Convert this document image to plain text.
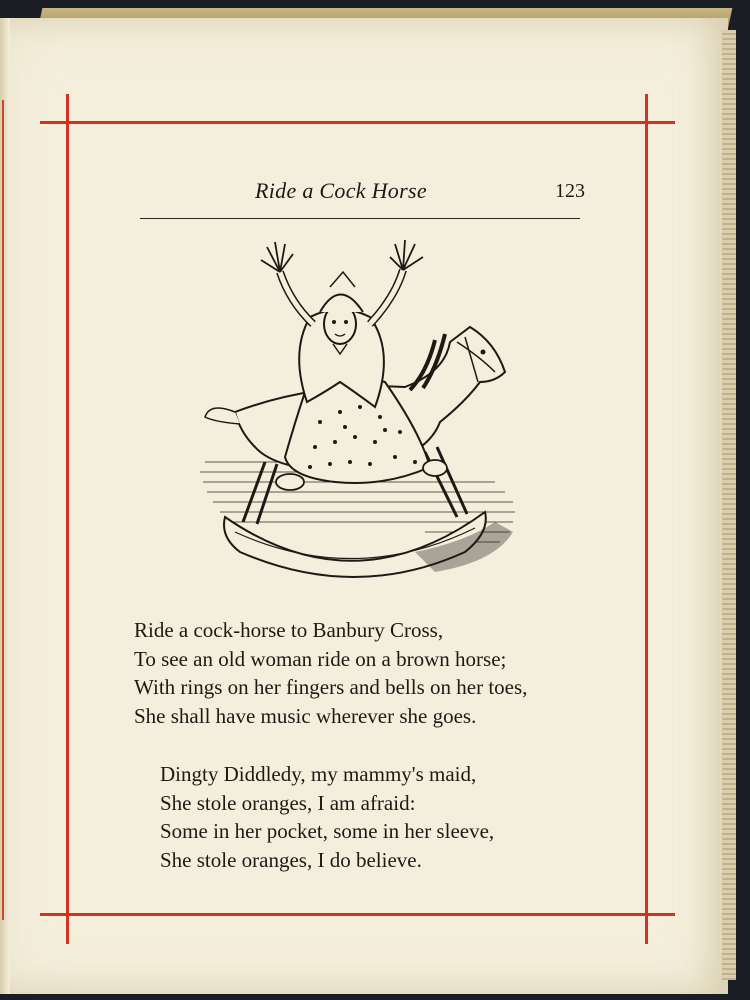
Ride a Cock Horse	123
Ride a cock-horse to Banbury Cross,
To see an old woman ride on a brown horse;
With rings on her fingers and bells on her toes,
She shall have music wherever she goes.
Dingty Diddledy, my mammy's maid,
She stole oranges, I am afraid:
Some in her pocket, some in her sleeve,
She stole oranges, I do believe.
